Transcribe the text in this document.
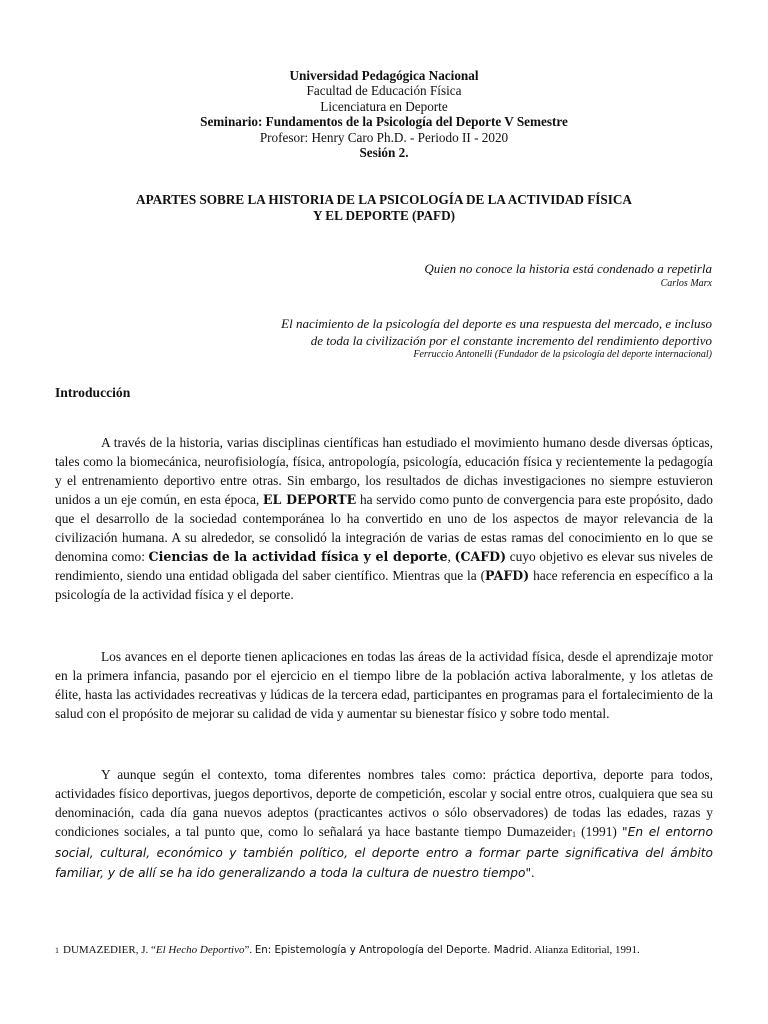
Universidad Pedagógica Nacional
Facultad de Educación Física
Licenciatura en Deporte
Seminario: Fundamentos de la Psicología del Deporte V Semestre
Profesor: Henry Caro Ph.D. - Periodo II - 2020
Sesión 2.
APARTES SOBRE LA HISTORIA DE LA PSICOLOGÍA DE LA ACTIVIDAD FÍSICA
Y EL DEPORTE (PAFD)
Quien no conoce la historia está condenado a repetirla
Carlos Marx
El nacimiento de la psicología del deporte es una respuesta del mercado, e incluso
de toda la civilización por el constante incremento del rendimiento deportivo
Ferruccio Antonelli (Fundador de la psicología del deporte internacional)
Introducción
A través de la historia, varias disciplinas científicas han estudiado el movimiento humano desde diversas ópticas, tales como la biomecánica, neurofisiología, física, antropología, psicología, educación física y recientemente la pedagogía y el entrenamiento deportivo entre otras. Sin embargo, los resultados de dichas investigaciones no siempre estuvieron unidos a un eje común, en esta época, EL DEPORTE ha servido como punto de convergencia para este propósito, dado que el desarrollo de la sociedad contemporánea lo ha convertido en uno de los aspectos de mayor relevancia de la civilización humana. A su alrededor, se consolidó la integración de varias de estas ramas del conocimiento en lo que se denomina como: Ciencias de la actividad física y el deporte, (CAFD) cuyo objetivo es elevar sus niveles de rendimiento, siendo una entidad obligada del saber científico. Mientras que la (PAFD) hace referencia en específico a la psicología de la actividad física y el deporte.
Los avances en el deporte tienen aplicaciones en todas las áreas de la actividad física, desde el aprendizaje motor en la primera infancia, pasando por el ejercicio en el tiempo libre de la población activa laboralmente, y los atletas de élite, hasta las actividades recreativas y lúdicas de la tercera edad, participantes en programas para el fortalecimiento de la salud con el propósito de mejorar su calidad de vida y aumentar su bienestar físico y sobre todo mental.
Y aunque según el contexto, toma diferentes nombres tales como: práctica deportiva, deporte para todos, actividades físico deportivas, juegos deportivos, deporte de competición, escolar y social entre otros, cualquiera que sea su denominación, cada día gana nuevos adeptos (practicantes activos o sólo observadores) de todas las edades, razas y condiciones sociales, a tal punto que, como lo señalará ya hace bastante tiempo Dumazeider$_1$ (1991) "En el entorno social, cultural, económico y también político, el deporte entro a formar parte significativa del ámbito familiar, y de allí se ha ido generalizando a toda la cultura de nuestro tiempo".
1 DUMAZEDIER, J. “El Hecho Deportivo”. En: Epistemología y Antropología del Deporte. Madrid. Alianza Editorial, 1991.
